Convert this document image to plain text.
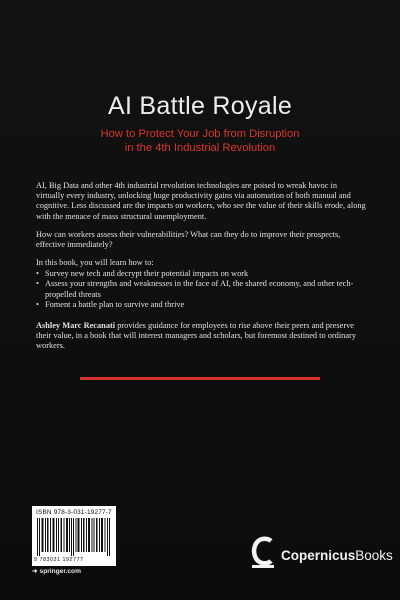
AI Battle Royale
How to Protect Your Job from Disruption
in the 4th Industrial Revolution
AI, Big Data and other 4th industrial revolution technologies are poised to wreak havoc in virtually every industry, unlocking huge productivity gains via automation of both manual and cognitive. Less discussed are the impacts on workers, who see the value of their skills erode, along with the menace of mass structural unemployment.
How can workers assess their vulnerabilities? What can they do to improve their prospects, effective immediately?
In this book, you will learn how to:
• Survey new tech and decrypt their potential impacts on work
• Assess your strengths and weaknesses in the face of AI, the shared economy, and other tech-propelled threats
• Foment a battle plan to survive and thrive
Ashley Marc Recanati provides guidance for employees to rise above their peers and preserve their value, in a book that will interest managers and scholars, but foremost destined to ordinary workers.
ISBN 978-3-031-19277-7
9 783031 192777
➜ springer.com
CopernicusBooks
